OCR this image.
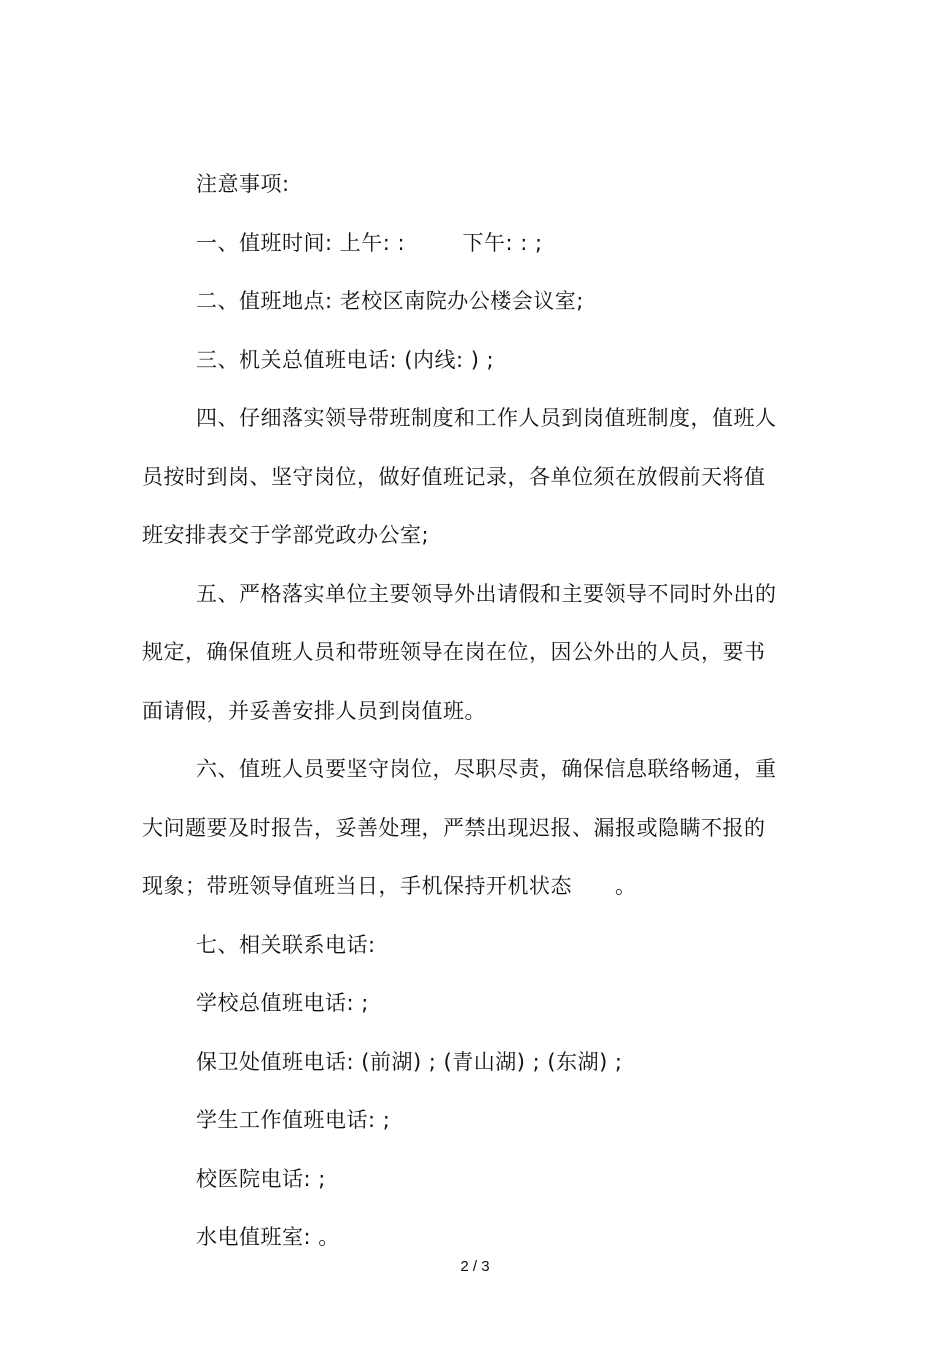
注意事项:
一、值班时间: 上午: :        下午: : ;
二、值班地点: 老校区南院办公楼会议室;
三、机关总值班电话: (内线: ) ;
四、仔细落实领导带班制度和工作人员到岗值班制度，值班人
员按时到岗、坚守岗位，做好值班记录，各单位须在放假前天将值
班安排表交于学部党政办公室;
五、严格落实单位主要领导外出请假和主要领导不同时外出的
规定，确保值班人员和带班领导在岗在位，因公外出的人员，要书
面请假，并妥善安排人员到岗值班。
六、值班人员要坚守岗位，尽职尽责，确保信息联络畅通，重
大问题要及时报告，妥善处理，严禁出现迟报、漏报或隐瞒不报的
现象；带班领导值班当日，手机保持开机状态      。
七、相关联系电话:
学校总值班电话: ;
保卫处值班电话: (前湖) ; (青山湖) ; (东湖) ;
学生工作值班电话: ;
校医院电话: ;
水电值班室: 。
2 / 3
